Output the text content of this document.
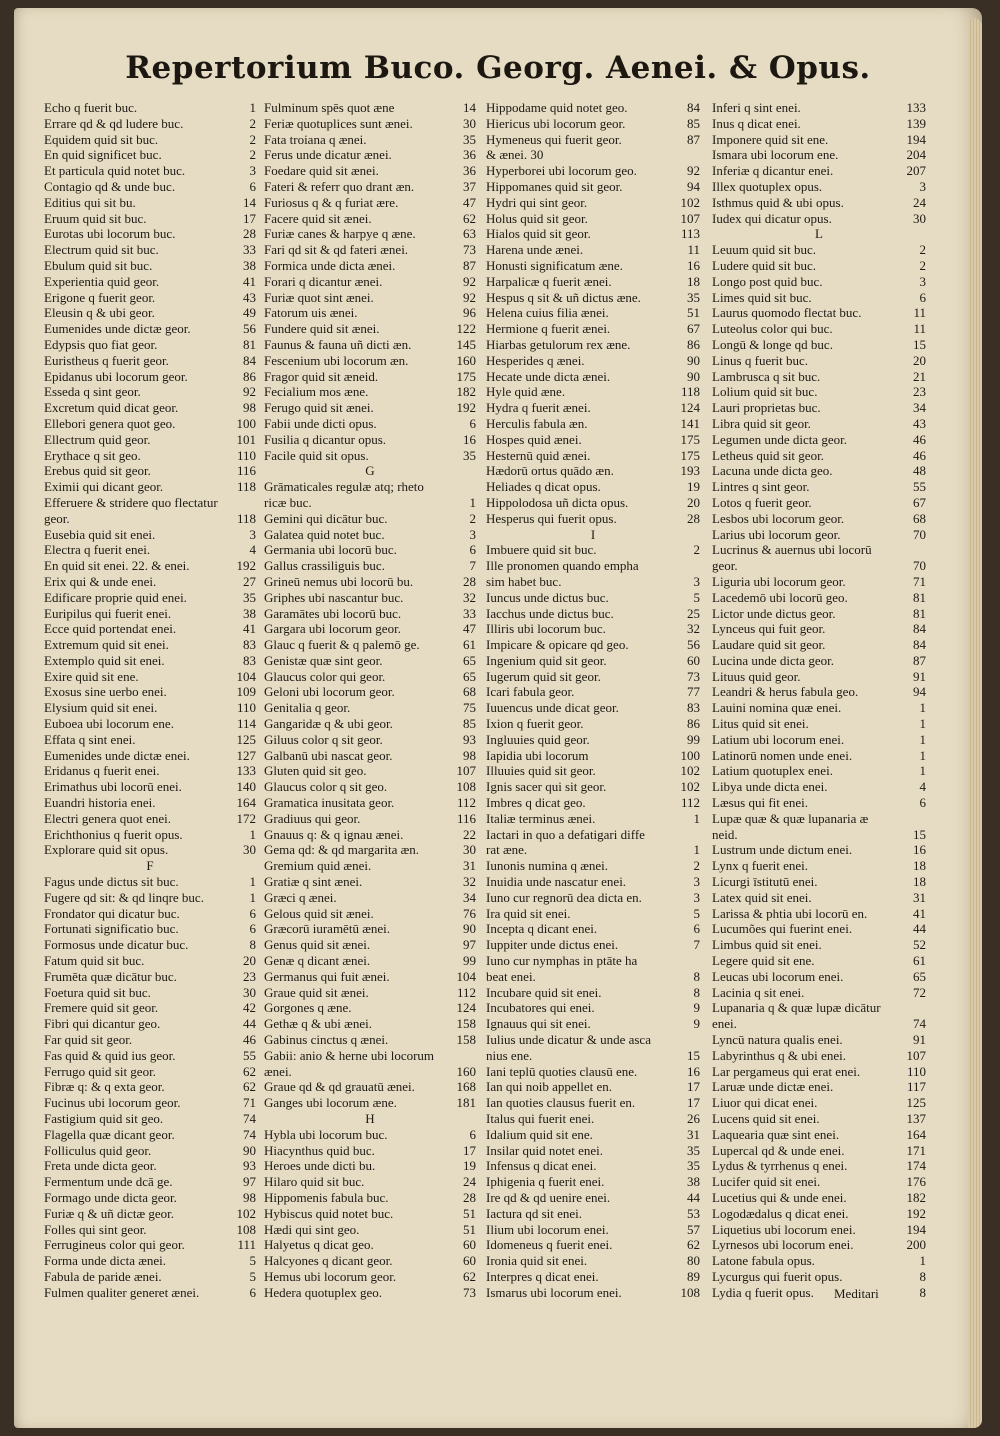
Repertorium Buco. Georg. Aenei. & Opus.
Echo q fuerit buc.	1
Errare qd & qd ludere buc.	2
Equidem quid sit buc.	2
En quid significet buc.	2
Et particula quid notet buc.	3
Contagio qd & unde buc.	6
Editius qui sit bu.	14
Eruum quid sit buc.	17
Eurotas ubi locorum buc.	28
Electrum quid sit buc.	33
Ebulum quid sit buc.	38
Experientia quid geor.	41
Erigone q fuerit geor.	43
Eleusin q & ubi geor.	49
Eumenides unde dictæ geor.	56
Edypsis quo fiat geor.	81
Euristheus q fuerit geor.	84
Epidanus ubi locorum geor.	86
Esseda q sint geor.	92
Excretum quid dicat geor.	98
Ellebori genera quot geo.	100
Ellectrum quid geor.	101
Erythace q sit geo.	110
Erebus quid sit geor.	116
Eximii qui dicant geor.	118
Efferuere & stridere quo flectatur
geor.	118
Eusebia quid sit enei.	3
Electra q fuerit enei.	4
En quid sit enei. 22. & enei.	192
Erix qui & unde enei.	27
Edificare proprie quid enei.	35
Euripilus qui fuerit enei.	38
Ecce quid portendat enei.	41
Extremum quid sit enei.	83
Extemplo quid sit enei.	83
Exire quid sit ene.	104
Exosus sine uerbo enei.	109
Elysium quid sit enei.	110
Euboea ubi locorum ene.	114
Effata q sint enei.	125
Eumenides unde dictæ enei.	127
Eridanus q fuerit enei.	133
Erimathus ubi locorū enei.	140
Euandri historia enei.	164
Electri genera quot enei.	172
Erichthonius q fuerit opus.	1
Explorare quid sit opus.	30
F
Fagus unde dictus sit buc.	1
Fugere qd sit: & qd linqre buc.	1
Frondator qui dicatur buc.	6
Fortunati significatio buc.	6
Formosus unde dicatur buc.	8
Fatum quid sit buc.	20
Frumēta quæ dicātur buc.	23
Foetura quid sit buc.	30
Fremere quid sit geor.	42
Fibri qui dicantur geo.	44
Far quid sit geor.	46
Fas quid & quid ius geor.	55
Ferrugo quid sit geor.	62
Fibræ q: & q exta geor.	62
Fucinus ubi locorum geor.	71
Fastigium quid sit geo.	74
Flagella quæ dicant geor.	74
Folliculus quid geor.	90
Freta unde dicta geor.	93
Fermentum unde dcā ge.	97
Formago unde dicta geor.	98
Furiæ q & uñ dictæ geor.	102
Folles qui sint geor.	108
Ferrugineus color qui geor.	111
Forma unde dicta ænei.	5
Fabula de paride ænei.	5
Fulmen qualiter generet ænei.	6
Fulminum spēs quot æne	14
Feriæ quotuplices sunt ænei.	30
Fata troiana q ænei.	35
Ferus unde dicatur ænei.	36
Foedare quid sit ænei.	36
Fateri & referr quo drant æn.	37
Furiosus q & q furiat ære.	47
Facere quid sit ænei.	62
Furiæ canes & harpye q æne.	63
Fari qd sit & qd fateri ænei.	73
Formica unde dicta ænei.	87
Forari q dicantur ænei.	92
Furiæ quot sint ænei.	92
Fatorum uis ænei.	96
Fundere quid sit ænei.	122
Faunus & fauna uñ dicti æn.	145
Fescenium ubi locorum æn.	160
Fragor quid sit æneid.	175
Fecialium mos æne.	182
Ferugo quid sit ænei.	192
Fabii unde dicti opus.	6
Fusilia q dicantur opus.	16
Facile quid sit opus.	35
G
Grāmaticales regulæ atq; rheto
ricæ buc.	1
Gemini qui dicātur buc.	2
Galatea quid notet buc.	3
Germania ubi locorū buc.	6
Gallus crassiliguis buc.	7
Grineū nemus ubi locorū bu.	28
Griphes ubi nascantur buc.	32
Garamātes ubi locorū buc.	33
Gargara ubi locorum geor.	47
Glauc q fuerit & q palemō ge.	61
Genistæ quæ sint geor.	65
Glaucus color qui geor.	65
Geloni ubi locorum geor.	68
Genitalia q geor.	75
Gangaridæ q & ubi geor.	85
Giluus color q sit geor.	93
Galbanū ubi nascat geor.	98
Gluten quid sit geo.	107
Glaucus color q sit geo.	108
Gramatica inusitata geor.	112
Gradiuus qui geor.	116
Gnauus q: & q ignau ænei.	22
Gema qd: & qd margarita æn.	30
Gremium quid ænei.	31
Gratiæ q sint ænei.	32
Græci q ænei.	34
Gelous quid sit ænei.	76
Græcorū iuramētū ænei.	90
Genus quid sit ænei.	97
Genæ q dicant ænei.	99
Germanus qui fuit ænei.	104
Graue quid sit ænei.	112
Gorgones q æne.	124
Gethæ q & ubi ænei.	158
Gabinus cinctus q ænei.	158
Gabii: anio & herne ubi locorum
ænei.	160
Graue qd & qd grauatū ænei.	168
Ganges ubi locorum æne.	181
H
Hybla ubi locorum buc.	6
Hiacynthus quid buc.	17
Heroes unde dicti bu.	19
Hilaro quid sit buc.	24
Hippomenis fabula buc.	28
Hybiscus quid notet buc.	51
Hædi qui sint geo.	51
Halyetus q dicat geo.	60
Halcyones q dicant geor.	60
Hemus ubi locorum geor.	62
Hedera quotuplex geo.	73
Hippodame quid notet geo.	84
Hiericus ubi locorum geor.	85
Hymeneus qui fuerit geor.	87
& ænei. 30
Hyperborei ubi locorum geo.	92
Hippomanes quid sit geor.	94
Hydri qui sint geor.	102
Holus quid sit geor.	107
Hialos quid sit geor.	113
Harena unde ænei.	11
Honusti significatum æne.	16
Harpalicæ q fuerit ænei.	18
Hespus q sit & uñ dictus æne.	35
Helena cuius filia ænei.	51
Hermione q fuerit ænei.	67
Hiarbas getulorum rex æne.	86
Hesperides q ænei.	90
Hecate unde dicta ænei.	90
Hyle quid æne.	118
Hydra q fuerit ænei.	124
Herculis fabula æn.	141
Hospes quid ænei.	175
Hesternū quid ænei.	175
Hædorū ortus quādo æn.	193
Heliades q dicat opus.	19
Hippolodosa uñ dicta opus.	20
Hesperus qui fuerit opus.	28
I
Imbuere quid sit buc.	2
Ille pronomen quando empha
sim habet buc.	3
Iuncus unde dictus buc.	5
Iacchus unde dictus buc.	25
Illiris ubi locorum buc.	32
Impicare & opicare qd geo.	56
Ingenium quid sit geor.	60
Iugerum quid sit geor.	73
Icari fabula geor.	77
Iuuencus unde dicat geor.	83
Ixion q fuerit geor.	86
Ingluuies quid geor.	99
Iapidia ubi locorum	100
Illuuies quid sit geor.	102
Ignis sacer qui sit geor.	102
Imbres q dicat geo.	112
Italiæ terminus ænei.	1
Iactari in quo a defatigari diffe
rat æne.	1
Iunonis numina q ænei.	2
Inuidia unde nascatur enei.	3
Iuno cur regnorū dea dicta en.	3
Ira quid sit enei.	5
Incepta q dicant enei.	6
Iuppiter unde dictus enei.	7
Iuno cur nymphas in ptāte ha
beat enei.	8
Incubare quid sit enei.	8
Incubatores qui enei.	9
Ignauus qui sit enei.	9
Iulius unde dicatur & unde asca
nius ene.	15
Iani teplū quoties clausū ene.	16
Ian qui noib appellet en.	17
Ian quoties clausus fuerit en.	17
Italus qui fuerit enei.	26
Idalium quid sit ene.	31
Insilar quid notet enei.	35
Infensus q dicat enei.	35
Iphigenia q fuerit enei.	38
Ire qd & qd uenire enei.	44
Iactura qd sit enei.	53
Ilium ubi locorum enei.	57
Idomeneus q fuerit enei.	62
Ironia quid sit enei.	80
Interpres q dicat enei.	89
Ismarus ubi locorum enei.	108
Inferi q sint enei.	133
Inus q dicat enei.	139
Imponere quid sit ene.	194
Ismara ubi locorum ene.	204
Inferiæ q dicantur enei.	207
Illex quotuplex opus.	3
Isthmus quid & ubi opus.	24
Iudex qui dicatur opus.	30
L
Leuum quid sit buc.	2
Ludere quid sit buc.	2
Longo post quid buc.	3
Limes quid sit buc.	6
Laurus quomodo flectat buc.	11
Luteolus color qui buc.	11
Longū & longe qd buc.	15
Linus q fuerit buc.	20
Lambrusca q sit buc.	21
Lolium quid sit buc.	23
Lauri proprietas buc.	34
Libra quid sit geor.	43
Legumen unde dicta geor.	46
Letheus quid sit geor.	46
Lacuna unde dicta geo.	48
Lintres q sint geor.	55
Lotos q fuerit geor.	67
Lesbos ubi locorum geor.	68
Larius ubi locorum geor.	70
Lucrinus & auernus ubi locorū
geor.	70
Liguria ubi locorum geor.	71
Lacedemō ubi locorū geo.	81
Lictor unde dictus geor.	81
Lynceus qui fuit geor.	84
Laudare quid sit geor.	84
Lucina unde dicta geor.	87
Lituus quid geor.	91
Leandri & herus fabula geo.	94
Lauini nomina quæ enei.	1
Litus quid sit enei.	1
Latium ubi locorum enei.	1
Latinorū nomen unde enei.	1
Latium quotuplex enei.	1
Libya unde dicta enei.	4
Læsus qui fit enei.	6
Lupæ quæ & quæ lupanaria æ
neid.	15
Lustrum unde dictum enei.	16
Lynx q fuerit enei.	18
Licurgi īstitutū enei.	18
Latex quid sit enei.	31
Larissa & phtia ubi locorū en.	41
Lucumões qui fuerint enei.	44
Limbus quid sit enei.	52
Legere quid sit ene.	61
Leucas ubi locorum enei.	65
Lacinia q sit enei.	72
Lupanaria q & quæ lupæ dicātur
enei.	74
Lyncū natura qualis enei.	91
Labyrinthus q & ubi enei.	107
Lar pergameus qui erat enei.	110
Laruæ unde dictæ enei.	117
Liuor qui dicat enei.	125
Lucens quid sit enei.	137
Laquearia quæ sint enei.	164
Lupercal qd & unde enei.	171
Lydus & tyrrhenus q enei.	174
Lucifer quid sit enei.	176
Lucetius qui & unde enei.	182
Logodædalus q dicat enei.	192
Liquetius ubi locorum enei.	194
Lyrnesos ubi locorum enei.	200
Latone fabula opus.	1
Lycurgus qui fuerit opus.	8
Lydia q fuerit opus.	8
Meditari
